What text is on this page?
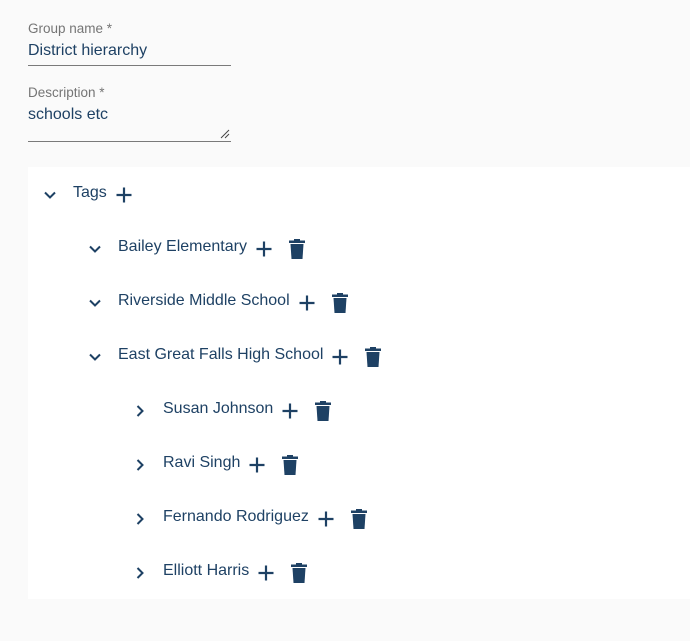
Group name *
District hierarchy
Description *
schools etc
Tags
Bailey Elementary
Riverside Middle School
East Great Falls High School
Susan Johnson
Ravi Singh
Fernando Rodriguez
Elliott Harris
